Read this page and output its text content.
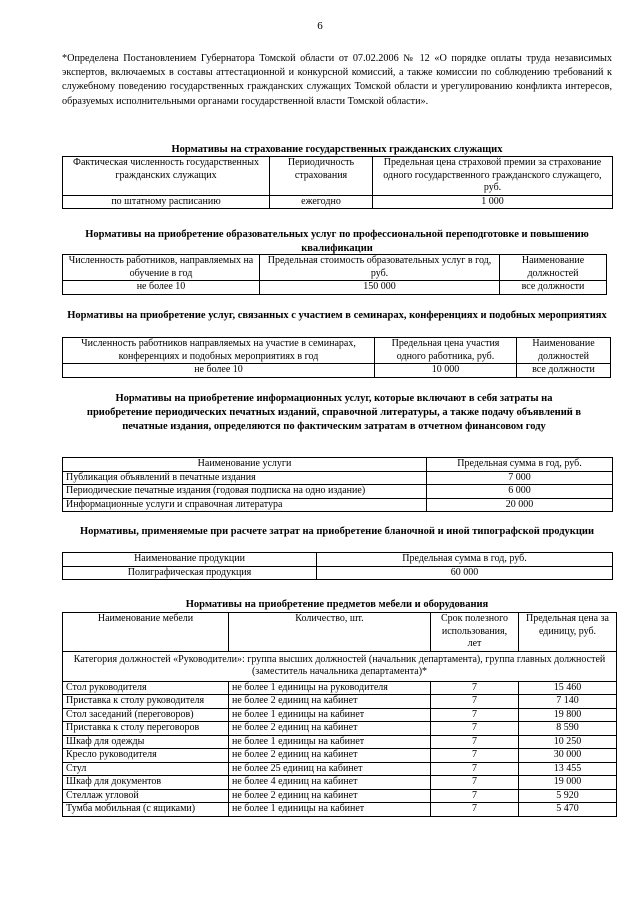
6
*Определена Постановлением Губернатора Томской области от 07.02.2006 № 12 «О порядке оплаты труда независимых экспертов, включаемых в составы аттестационной и конкурсной комиссий, а также комиссии по соблюдению требований к служебному поведению государственных гражданских служащих Томской области и урегулированию конфликта интересов, образуемых исполнительными органами государственной власти Томской области».
Нормативы на страхование государственных гражданских служащих
Фактическая численность государственных гражданских служащих	Периодичность страхования	Предельная цена страховой премии за страхование одного государственного гражданского служащего, руб.
по штатному расписанию	ежегодно	1 000
Нормативы на приобретение образовательных услуг по профессиональной переподготовке и повышению квалификации
Численность работников, направляемых на обучение в год	Предельная стоимость образовательных услуг в год, руб.	Наименование должностей
не более 10	150 000	все должности
Нормативы на приобретение услуг, связанных с участием в семинарах, конференциях и подобных мероприятиях
Численность работников направляемых на участие в семинарах, конференциях и подобных мероприятиях в год	Предельная цена участия одного работника, руб.	Наименование должностей
не более 10	10 000	все должности
Нормативы на приобретение информационных услуг, которые включают в себя затраты на приобретение периодических печатных изданий, справочной литературы, а также подачу объявлений в печатные издания, определяются по фактическим затратам в отчетном финансовом году
Наименование услуги	Предельная сумма в год, руб.
Публикация объявлений в печатные издания	7 000
Периодические печатные издания (годовая подписка на одно издание)	6 000
Информационные услуги и справочная литература	20 000
Нормативы, применяемые при расчете затрат на приобретение бланочной и иной типографской продукции
Наименование продукции	Предельная сумма в год, руб.
Полиграфическая продукция	60 000
Нормативы на приобретение предметов мебели и оборудования
Наименование мебели	Количество, шт.	Срок полезного использования, лет	Предельная цена за единицу, руб.
Категория должностей «Руководители»: группа высших должностей (начальник департамента), группа главных должностей (заместитель начальника департамента)*			
Стол руководителя	не более 1 единицы на руководителя	7	15 460
Приставка к столу руководителя	не более 2 единиц на кабинет	7	7 140
Стол заседаний (переговоров)	не более 1 единицы на кабинет	7	19 800
Приставка к столу переговоров	не более 2 единиц на кабинет	7	8 590
Шкаф для одежды	не более 1 единицы на кабинет	7	10 250
Кресло руководителя	не более 2 единиц на кабинет	7	30 000
Стул	не более 25 единиц на кабинет	7	13 455
Шкаф для документов	не более 4 единиц на кабинет	7	19 000
Стеллаж угловой	не более 2 единиц на кабинет	7	5 920
Тумба мобильная (с ящиками)	не более 1 единицы на кабинет	7	5 470
